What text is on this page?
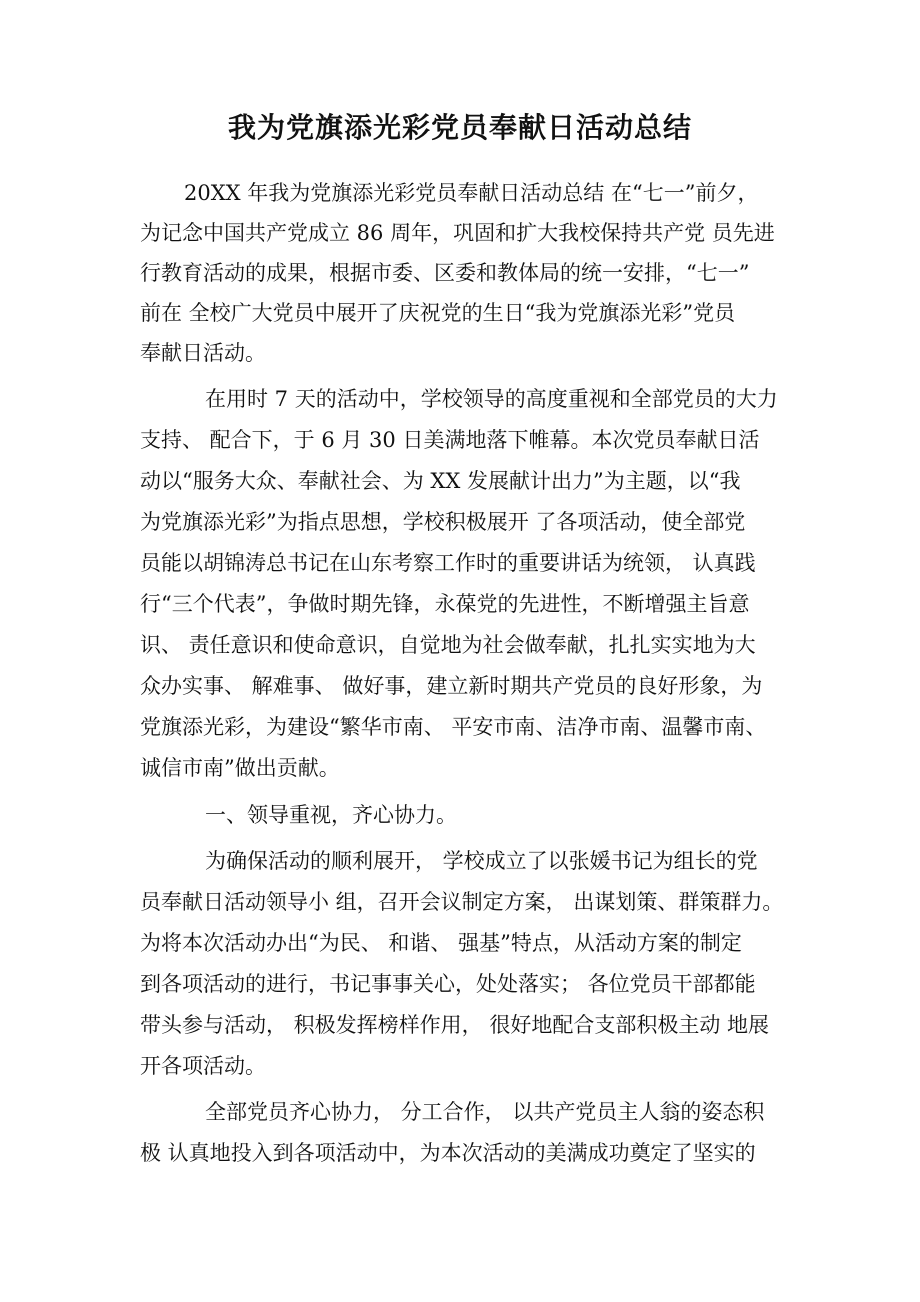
我为党旗添光彩党员奉献日活动总结

20XX 年我为党旗添光彩党员奉献日活动总结 在“七一”前夕，

为记念中国共产党成立 86 周年，巩固和扩大我校保持共产党 员先进

行教育活动的成果，根据市委、区委和教体局的统一安排，“七一”

前在 全校广大党员中展开了庆祝党的生日“我为党旗添光彩”党员

奉献日活动。

在用时 7 天的活动中，学校领导的高度重视和全部党员的大力

支持、 配合下，于 6 月 30 日美满地落下帷幕。本次党员奉献日活

动以“服务大众、奉献社会、为 XX 发展献计出力”为主题，以“我

为党旗添光彩”为指点思想，学校积极展开 了各项活动，使全部党

员能以胡锦涛总书记在山东考察工作时的重要讲话为统领， 认真践

行“三个代表”，争做时期先锋，永葆党的先进性，不断增强主旨意

识、 责任意识和使命意识，自觉地为社会做奉献，扎扎实实地为大

众办实事、 解难事、 做好事，建立新时期共产党员的良好形象，为

党旗添光彩，为建设“繁华市南、 平安市南、洁净市南、温馨市南、

诚信市南”做出贡献。

一、领导重视，齐心协力。

为确保活动的顺利展开， 学校成立了以张媛书记为组长的党

员奉献日活动领导小 组，召开会议制定方案， 出谋划策、群策群力。

为将本次活动办出“为民、 和谐、 强基”特点，从活动方案的制定

到各项活动的进行，书记事事关心，处处落实； 各位党员干部都能

带头参与活动， 积极发挥榜样作用， 很好地配合支部积极主动 地展

开各项活动。

全部党员齐心协力， 分工合作， 以共产党员主人翁的姿态积

极 认真地投入到各项活动中，为本次活动的美满成功奠定了坚实的
